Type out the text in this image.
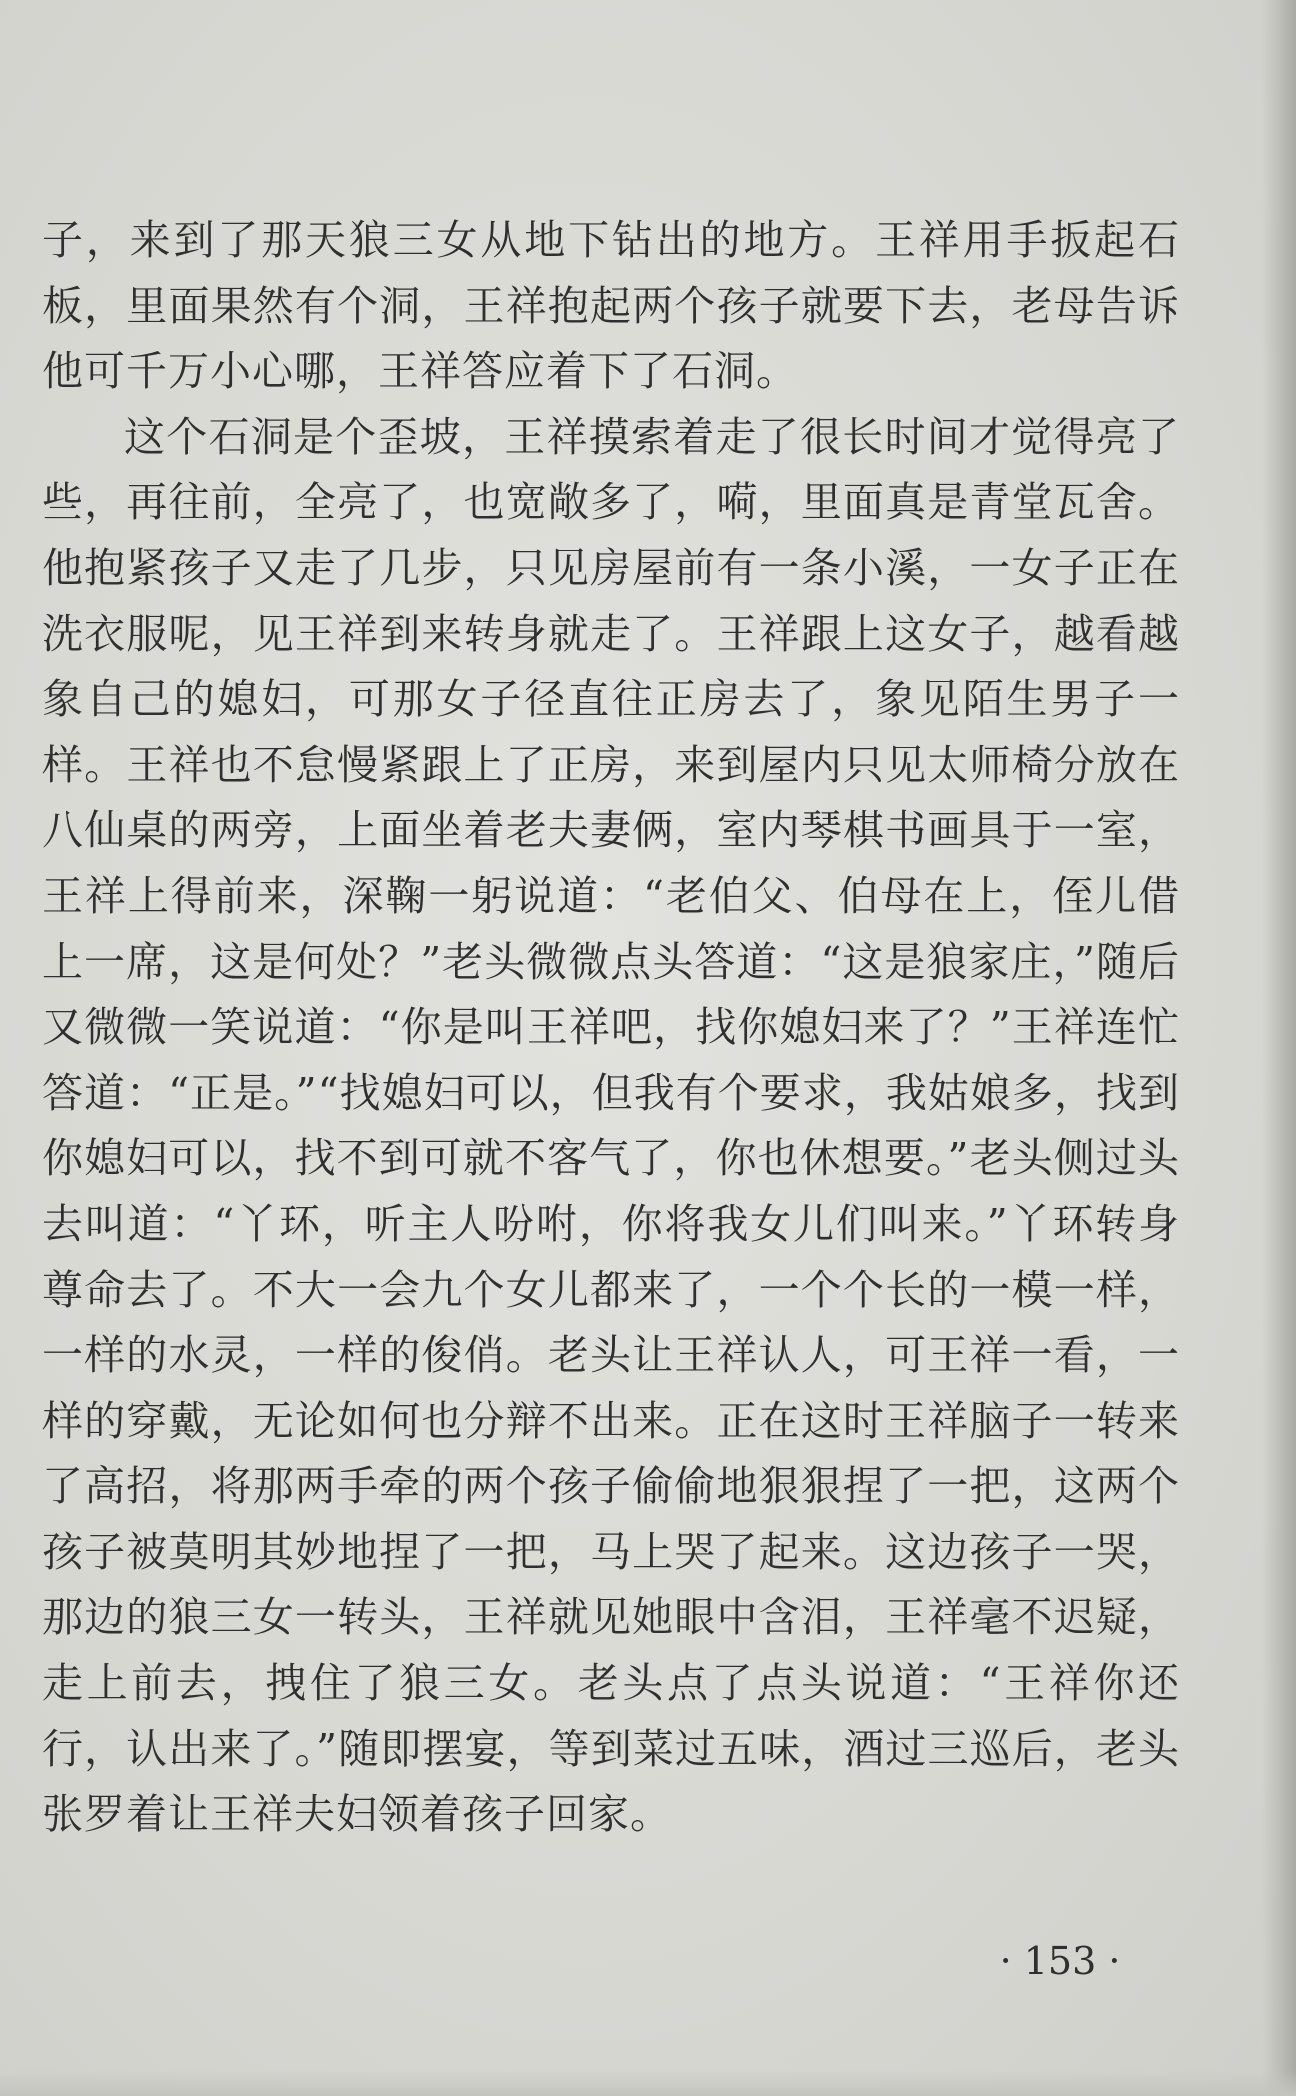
子，来到了那天狼三女从地下钻出的地方。王祥用手扳起石板，里面果然有个洞，王祥抱起两个孩子就要下去，老母告诉他可千万小心哪，王祥答应着下了石洞。

这个石洞是个歪坡，王祥摸索着走了很长时间才觉得亮了些，再往前，全亮了，也宽敞多了，嗬，里面真是青堂瓦舍。他抱紧孩子又走了几步，只见房屋前有一条小溪，一女子正在洗衣服呢，见王祥到来转身就走了。王祥跟上这女子，越看越象自己的媳妇，可那女子径直往正房去了，象见陌生男子一样。王祥也不怠慢紧跟上了正房，来到屋内只见太师椅分放在八仙桌的两旁，上面坐着老夫妻俩，室内琴棋书画具于一室，王祥上得前来，深鞠一躬说道：“老伯父、伯母在上，侄儿借上一席，这是何处？”老头微微点头答道：“这是狼家庄，”随后又微微一笑说道：“你是叫王祥吧，找你媳妇来了？”王祥连忙答道：“正是。”“找媳妇可以，但我有个要求，我姑娘多，找到你媳妇可以，找不到可就不客气了，你也休想要。”老头侧过头去叫道：“丫环，听主人吩咐，你将我女儿们叫来。”丫环转身尊命去了。不大一会九个女儿都来了，一个个长的一模一样，一样的水灵，一样的俊俏。老头让王祥认人，可王祥一看，一样的穿戴，无论如何也分辩不出来。正在这时王祥脑子一转来了高招，将那两手牵的两个孩子偷偷地狠狠捏了一把，这两个孩子被莫明其妙地捏了一把，马上哭了起来。这边孩子一哭，那边的狼三女一转头，王祥就见她眼中含泪，王祥毫不迟疑，走上前去，拽住了狼三女。老头点了点头说道：“王祥你还行，认出来了。”随即摆宴，等到菜过五味，酒过三巡后，老头张罗着让王祥夫妇领着孩子回家。

· 153 ·
